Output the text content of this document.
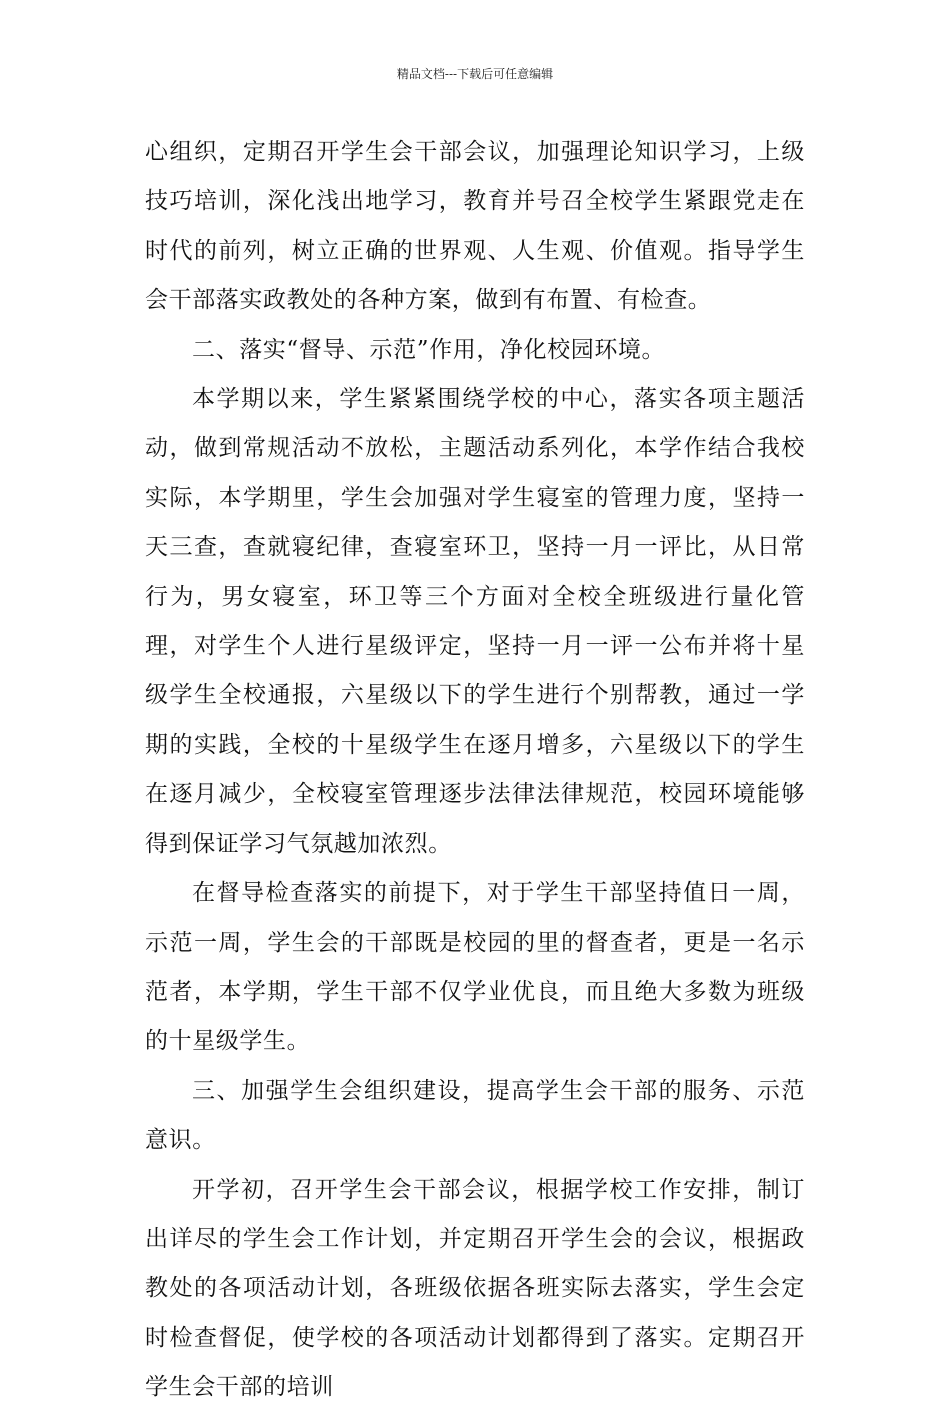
精品文档---下载后可任意编辑

心组织，定期召开学生会干部会议，加强理论知识学习，上级技巧培训，深化浅出地学习，教育并号召全校学生紧跟党走在时代的前列，树立正确的世界观、人生观、价值观。指导学生会干部落实政教处的各种方案，做到有布置、有检查。

二、落实“督导、示范”作用，净化校园环境。

本学期以来，学生紧紧围绕学校的中心，落实各项主题活动，做到常规活动不放松，主题活动系列化，本学作结合我校实际，本学期里，学生会加强对学生寝室的管理力度，坚持一天三查，查就寝纪律，查寝室环卫，坚持一月一评比，从日常行为，男女寝室，环卫等三个方面对全校全班级进行量化管理，对学生个人进行星级评定，坚持一月一评一公布并将十星级学生全校通报，六星级以下的学生进行个别帮教，通过一学期的实践，全校的十星级学生在逐月增多，六星级以下的学生在逐月减少，全校寝室管理逐步法律法律规范，校园环境能够得到保证学习气氛越加浓烈。

在督导检查落实的前提下，对于学生干部坚持值日一周，示范一周，学生会的干部既是校园的里的督查者，更是一名示范者，本学期，学生干部不仅学业优良，而且绝大多数为班级的十星级学生。

三、加强学生会组织建设，提高学生会干部的服务、示范意识。

开学初，召开学生会干部会议，根据学校工作安排，制订出详尽的学生会工作计划，并定期召开学生会的会议，根据政教处的各项活动计划，各班级依据各班实际去落实，学生会定时检查督促，使学校的各项活动计划都得到了落实。定期召开学生会干部的培训
